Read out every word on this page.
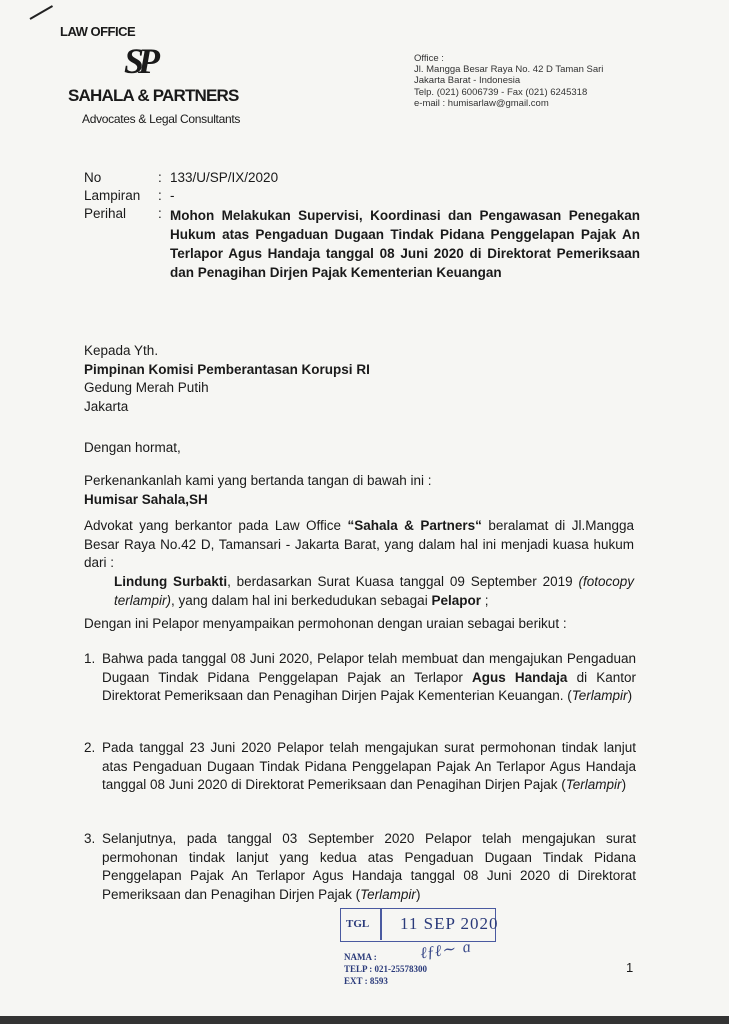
LAW OFFICE
SP
SAHALA & PARTNERS
Advocates & Legal Consultants
Office :
Jl. Mangga Besar Raya No. 42 D Taman Sari
Jakarta Barat - Indonesia
Telp. (021) 6006739 - Fax (021) 6245318
e-mail : humisarlaw@gmail.com
No	: 133/U/SP/IX/2020
Lampiran	: -
Perihal	: Mohon Melakukan Supervisi, Koordinasi dan Pengawasan Penegakan Hukum atas Pengaduan Dugaan Tindak Pidana Penggelapan Pajak An Terlapor Agus Handaja tanggal 08 Juni 2020 di Direktorat Pemeriksaan dan Penagihan Dirjen Pajak Kementerian Keuangan
Kepada Yth.
Pimpinan Komisi Pemberantasan Korupsi RI
Gedung Merah Putih
Jakarta
Dengan hormat,
Perkenankanlah kami yang bertanda tangan di bawah ini :
Humisar Sahala,SH
Advokat yang berkantor pada Law Office “Sahala & Partners“ beralamat di Jl.Mangga Besar Raya No.42 D, Tamansari - Jakarta Barat, yang dalam hal ini menjadi kuasa hukum dari :
Lindung Surbakti, berdasarkan Surat Kuasa tanggal 09 September 2019 (fotocopy terlampir), yang dalam hal ini berkedudukan sebagai Pelapor ;
Dengan ini Pelapor menyampaikan permohonan dengan uraian sebagai berikut :
1. Bahwa pada tanggal 08 Juni 2020, Pelapor telah membuat dan mengajukan Pengaduan Dugaan Tindak Pidana Penggelapan Pajak an Terlapor Agus Handaja di Kantor Direktorat Pemeriksaan dan Penagihan Dirjen Pajak Kementerian Keuangan. (Terlampir)
2. Pada tanggal 23 Juni 2020 Pelapor telah mengajukan surat permohonan tindak lanjut atas Pengaduan Dugaan Tindak Pidana Penggelapan Pajak An Terlapor Agus Handaja tanggal 08 Juni 2020 di Direktorat Pemeriksaan dan Penagihan Dirjen Pajak (Terlampir)
3. Selanjutnya, pada tanggal 03 September 2020 Pelapor telah mengajukan surat permohonan tindak lanjut yang kedua atas Pengaduan Dugaan Tindak Pidana Penggelapan Pajak An Terlapor Agus Handaja tanggal 08 Juni 2020 di Direktorat Pemeriksaan dan Penagihan Dirjen Pajak (Terlampir)
TGL 11 SEP 2020
NAMA :
TELP : 021-25578300
EXT : 8593
ℓƒℓ∼  ɑ
1
